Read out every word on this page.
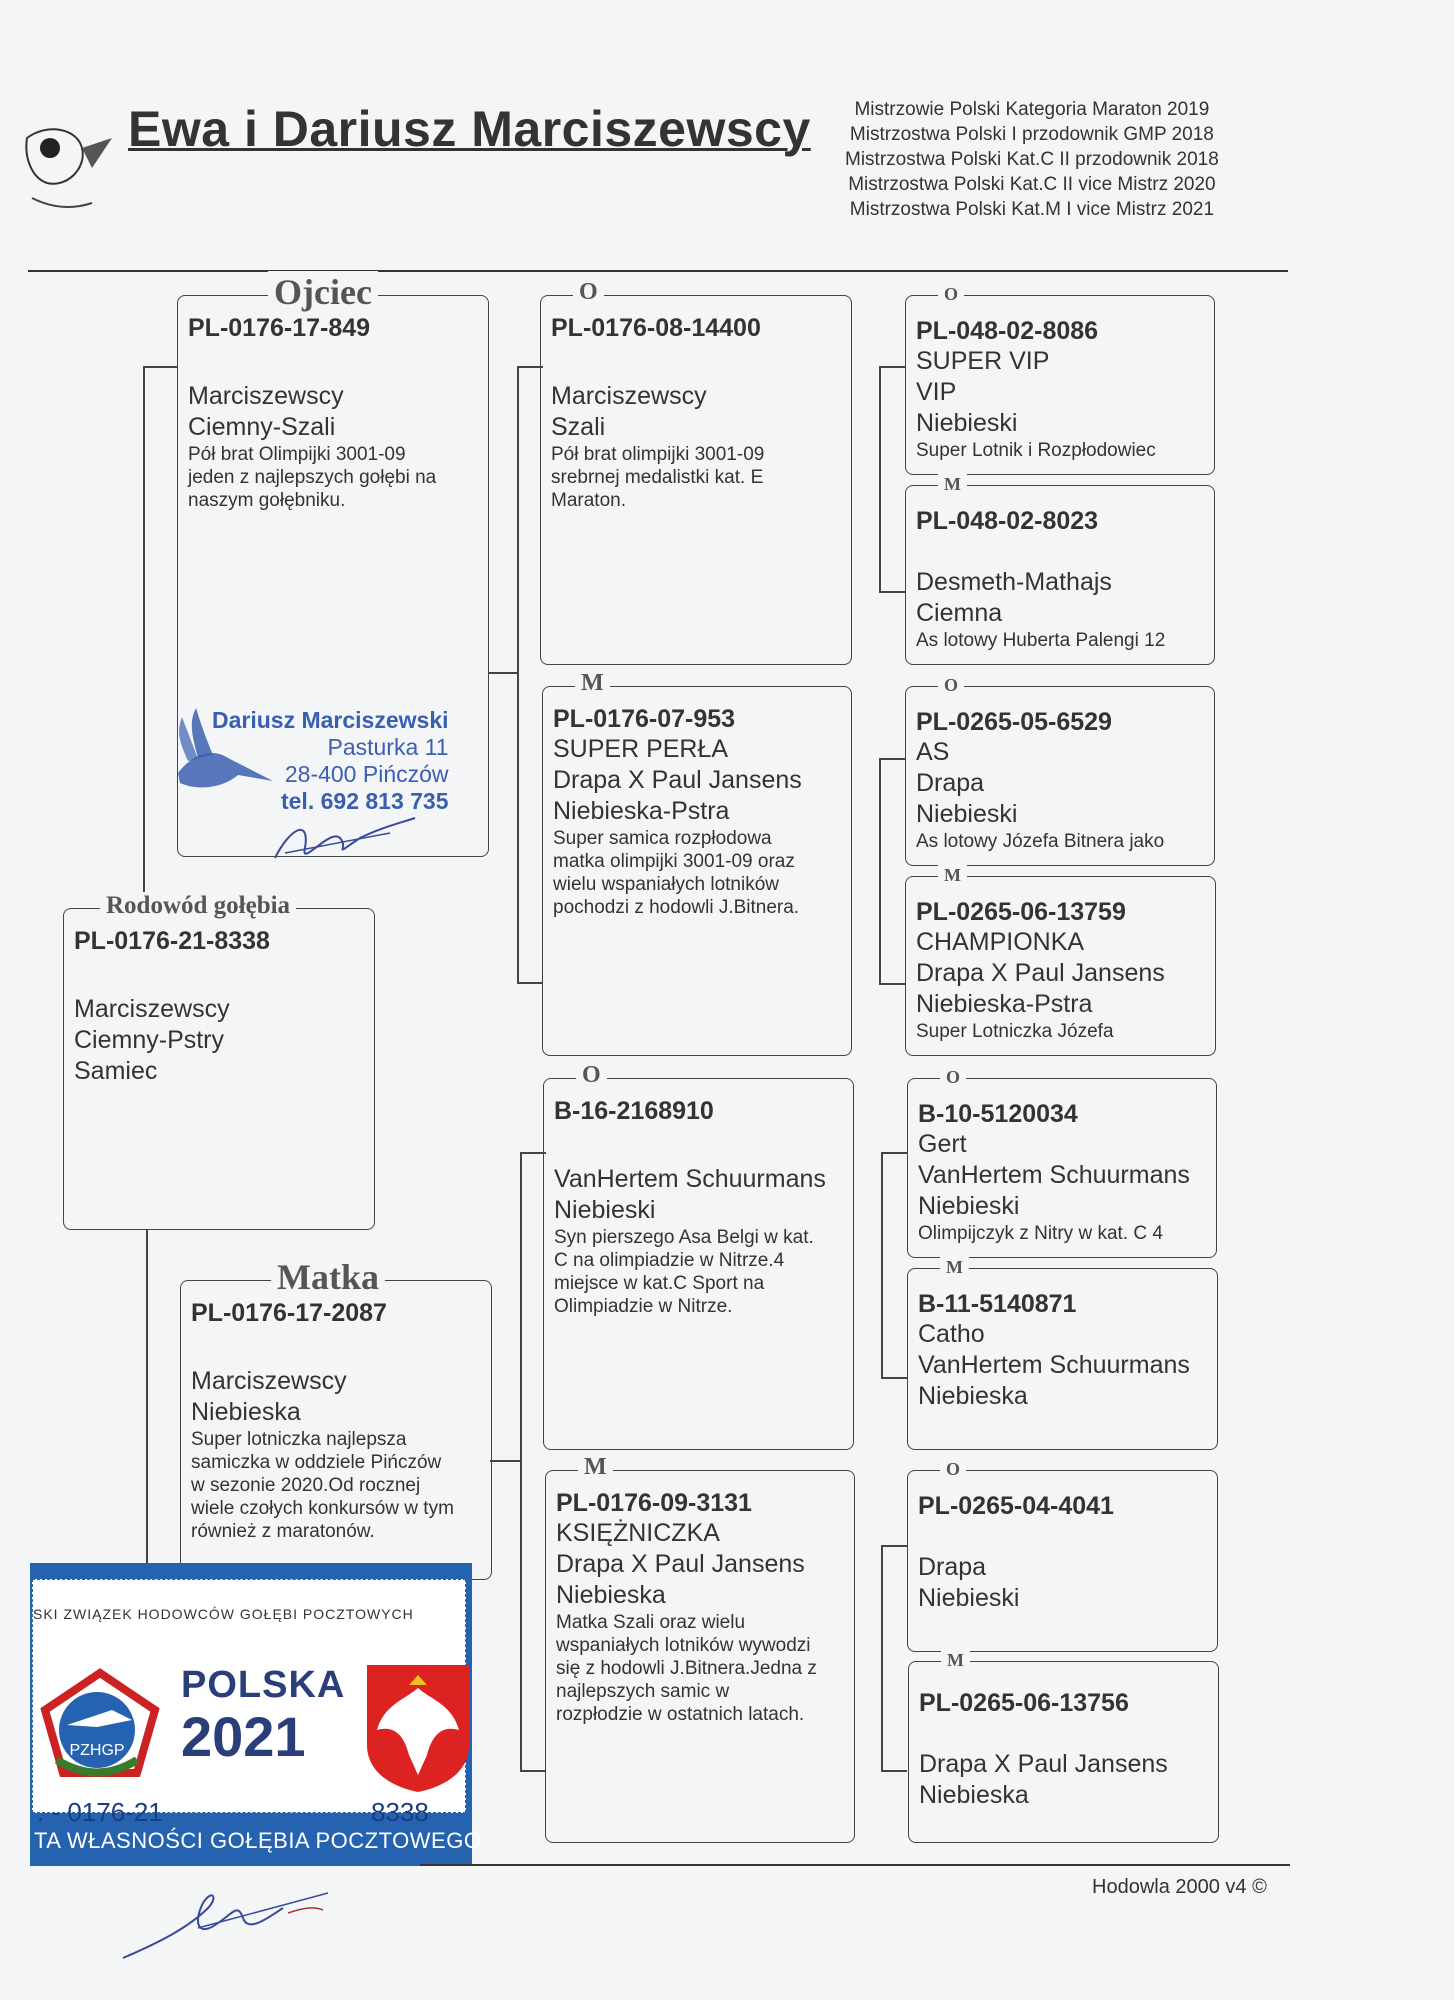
Ewa i Dariusz Marciszewscy	Mistrzowie Polski Kategoria Maraton 2019
Mistrzostwa Polski I przodownik GMP 2018
Mistrzostwa Polski Kat.C II przodownik 2018
Mistrzostwa Polski Kat.C II vice Mistrz 2020
Mistrzostwa Polski Kat.M I vice Mistrz 2021
Rodowód gołębia
PL-0176-21-8338
Marciszewscy
Ciemny-Pstry
Samiec
Ojciec
PL-0176-17-849
Marciszewscy
Ciemny-Szali
Pół brat Olimpijki 3001-09
jeden z najlepszych gołębi na
naszym gołębniku.
Matka
PL-0176-17-2087
Marciszewscy
Niebieska
Super lotniczka najlepsza
samiczka w oddziele Pińczów
w sezonie 2020.Od rocznej
wiele czołych konkursów w tym
również z maratonów.
O
PL-0176-08-14400
Marciszewscy
Szali
Pół brat olimpijki 3001-09
srebrnej medalistki kat. E
Maraton.
M
PL-0176-07-953
SUPER PERŁA
Drapa X Paul Jansens
Niebieska-Pstra
Super samica rozpłodowa
matka olimpijki 3001-09 oraz
wielu wspaniałych lotników
pochodzi z hodowli J.Bitnera.
O
B-16-2168910
VanHertem Schuurmans
Niebieski
Syn pierszego Asa Belgi w kat.
C na olimpiadzie w Nitrze.4
miejsce w kat.C Sport na
Olimpiadzie w Nitrze.
M
PL-0176-09-3131
KSIĘŻNICZKA
Drapa X Paul Jansens
Niebieska
Matka Szali oraz wielu
wspaniałych lotników wywodzi
się z hodowli J.Bitnera.Jedna z
najlepszych samic w
rozpłodzie w ostatnich latach.
O
PL-048-02-8086
SUPER VIP
VIP
Niebieski
Super Lotnik i Rozpłodowiec
M
PL-048-02-8023
Desmeth-Mathajs
Ciemna
As lotowy Huberta Palengi 12
O
PL-0265-05-6529
AS
Drapa
Niebieski
As lotowy Józefa Bitnera jako
M
PL-0265-06-13759
CHAMPIONKA
Drapa X Paul Jansens
Niebieska-Pstra
Super Lotniczka Józefa
O
B-10-5120034
Gert
VanHertem Schuurmans
Niebieski
Olimpijczyk z Nitry w kat. C 4
M
B-11-5140871
Catho
VanHertem Schuurmans
Niebieska
O
PL-0265-04-4041
Drapa
Niebieski
M
PL-0265-06-13756
Drapa X Paul Jansens
Niebieska
Dariusz Marciszewski
Pasturka 11
28-400 Pińczów
tel. 692 813 735
SKI ZWIĄZEK HODOWCÓW GOŁĘBI POCZTOWYCH
PZHGP
POLSKA
2021
. - 0176-21	8338
TA WŁASNOŚCI GOŁĘBIA POCZTOWEGO
Hodowla 2000 v4 ©
